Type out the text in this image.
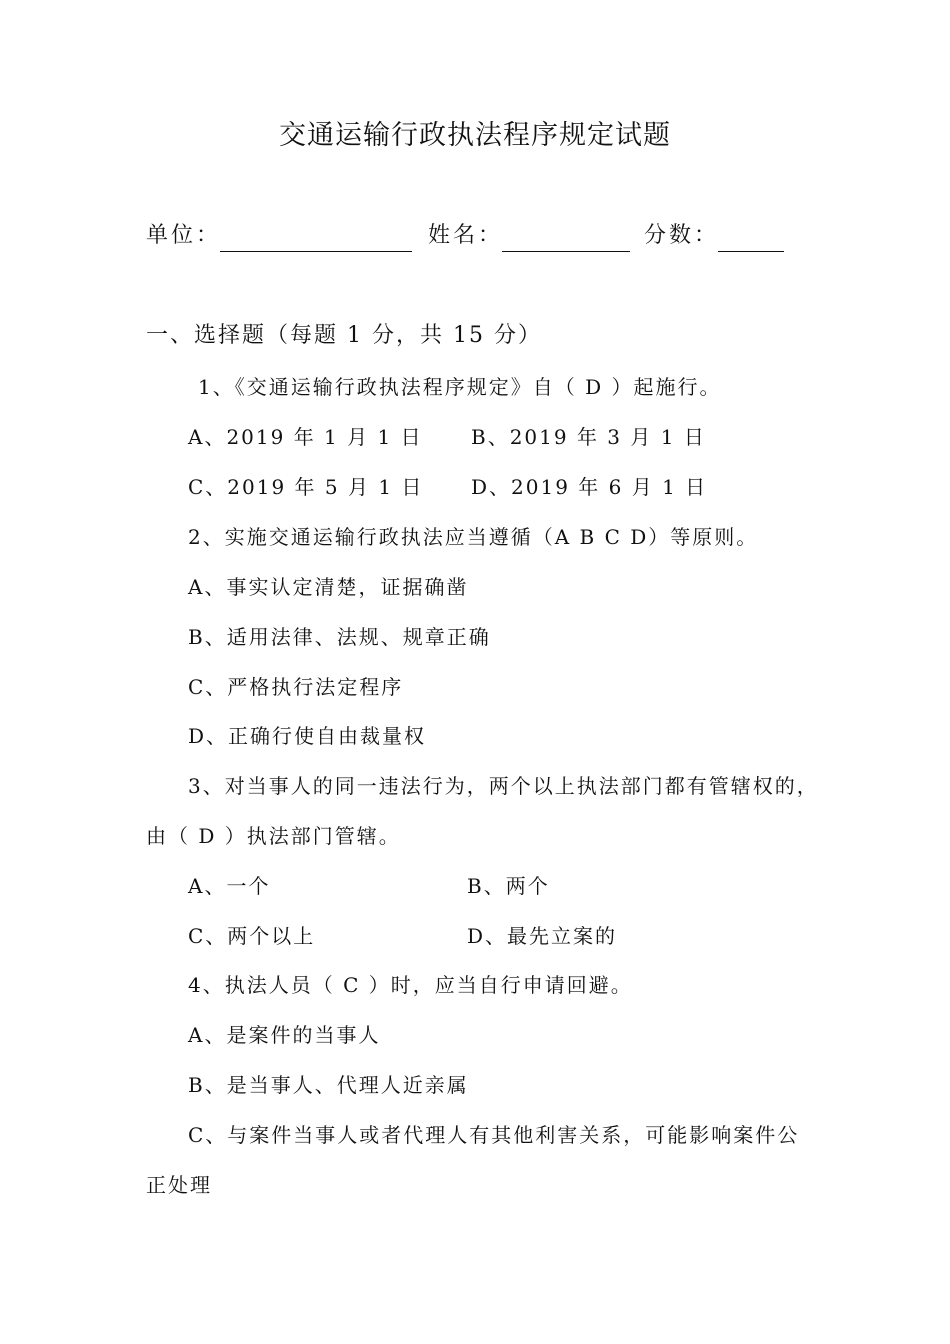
交通运输行政执法程序规定试题
单位：	姓名：	分数：
一、选择题（每题 1 分，共 15 分）
1、《交通运输行政执法程序规定》自（ D ）起施行。
A、2019 年 1 月 1 日 B、2019 年 3 月 1 日
C、2019 年 5 月 1 日 D、2019 年 6 月 1 日
2、实施交通运输行政执法应当遵循（A B C D）等原则。
A、事实认定清楚，证据确凿
B、适用法律、法规、规章正确
C、严格执行法定程序
D、正确行使自由裁量权
3、对当事人的同一违法行为，两个以上执法部门都有管辖权的，
由（ D ）执法部门管辖。
A、一个	B、两个
C、两个以上	D、最先立案的
4、执法人员（ C ）时，应当自行申请回避。
A、是案件的当事人
B、是当事人、代理人近亲属
C、与案件当事人或者代理人有其他利害关系，可能影响案件公
正处理
